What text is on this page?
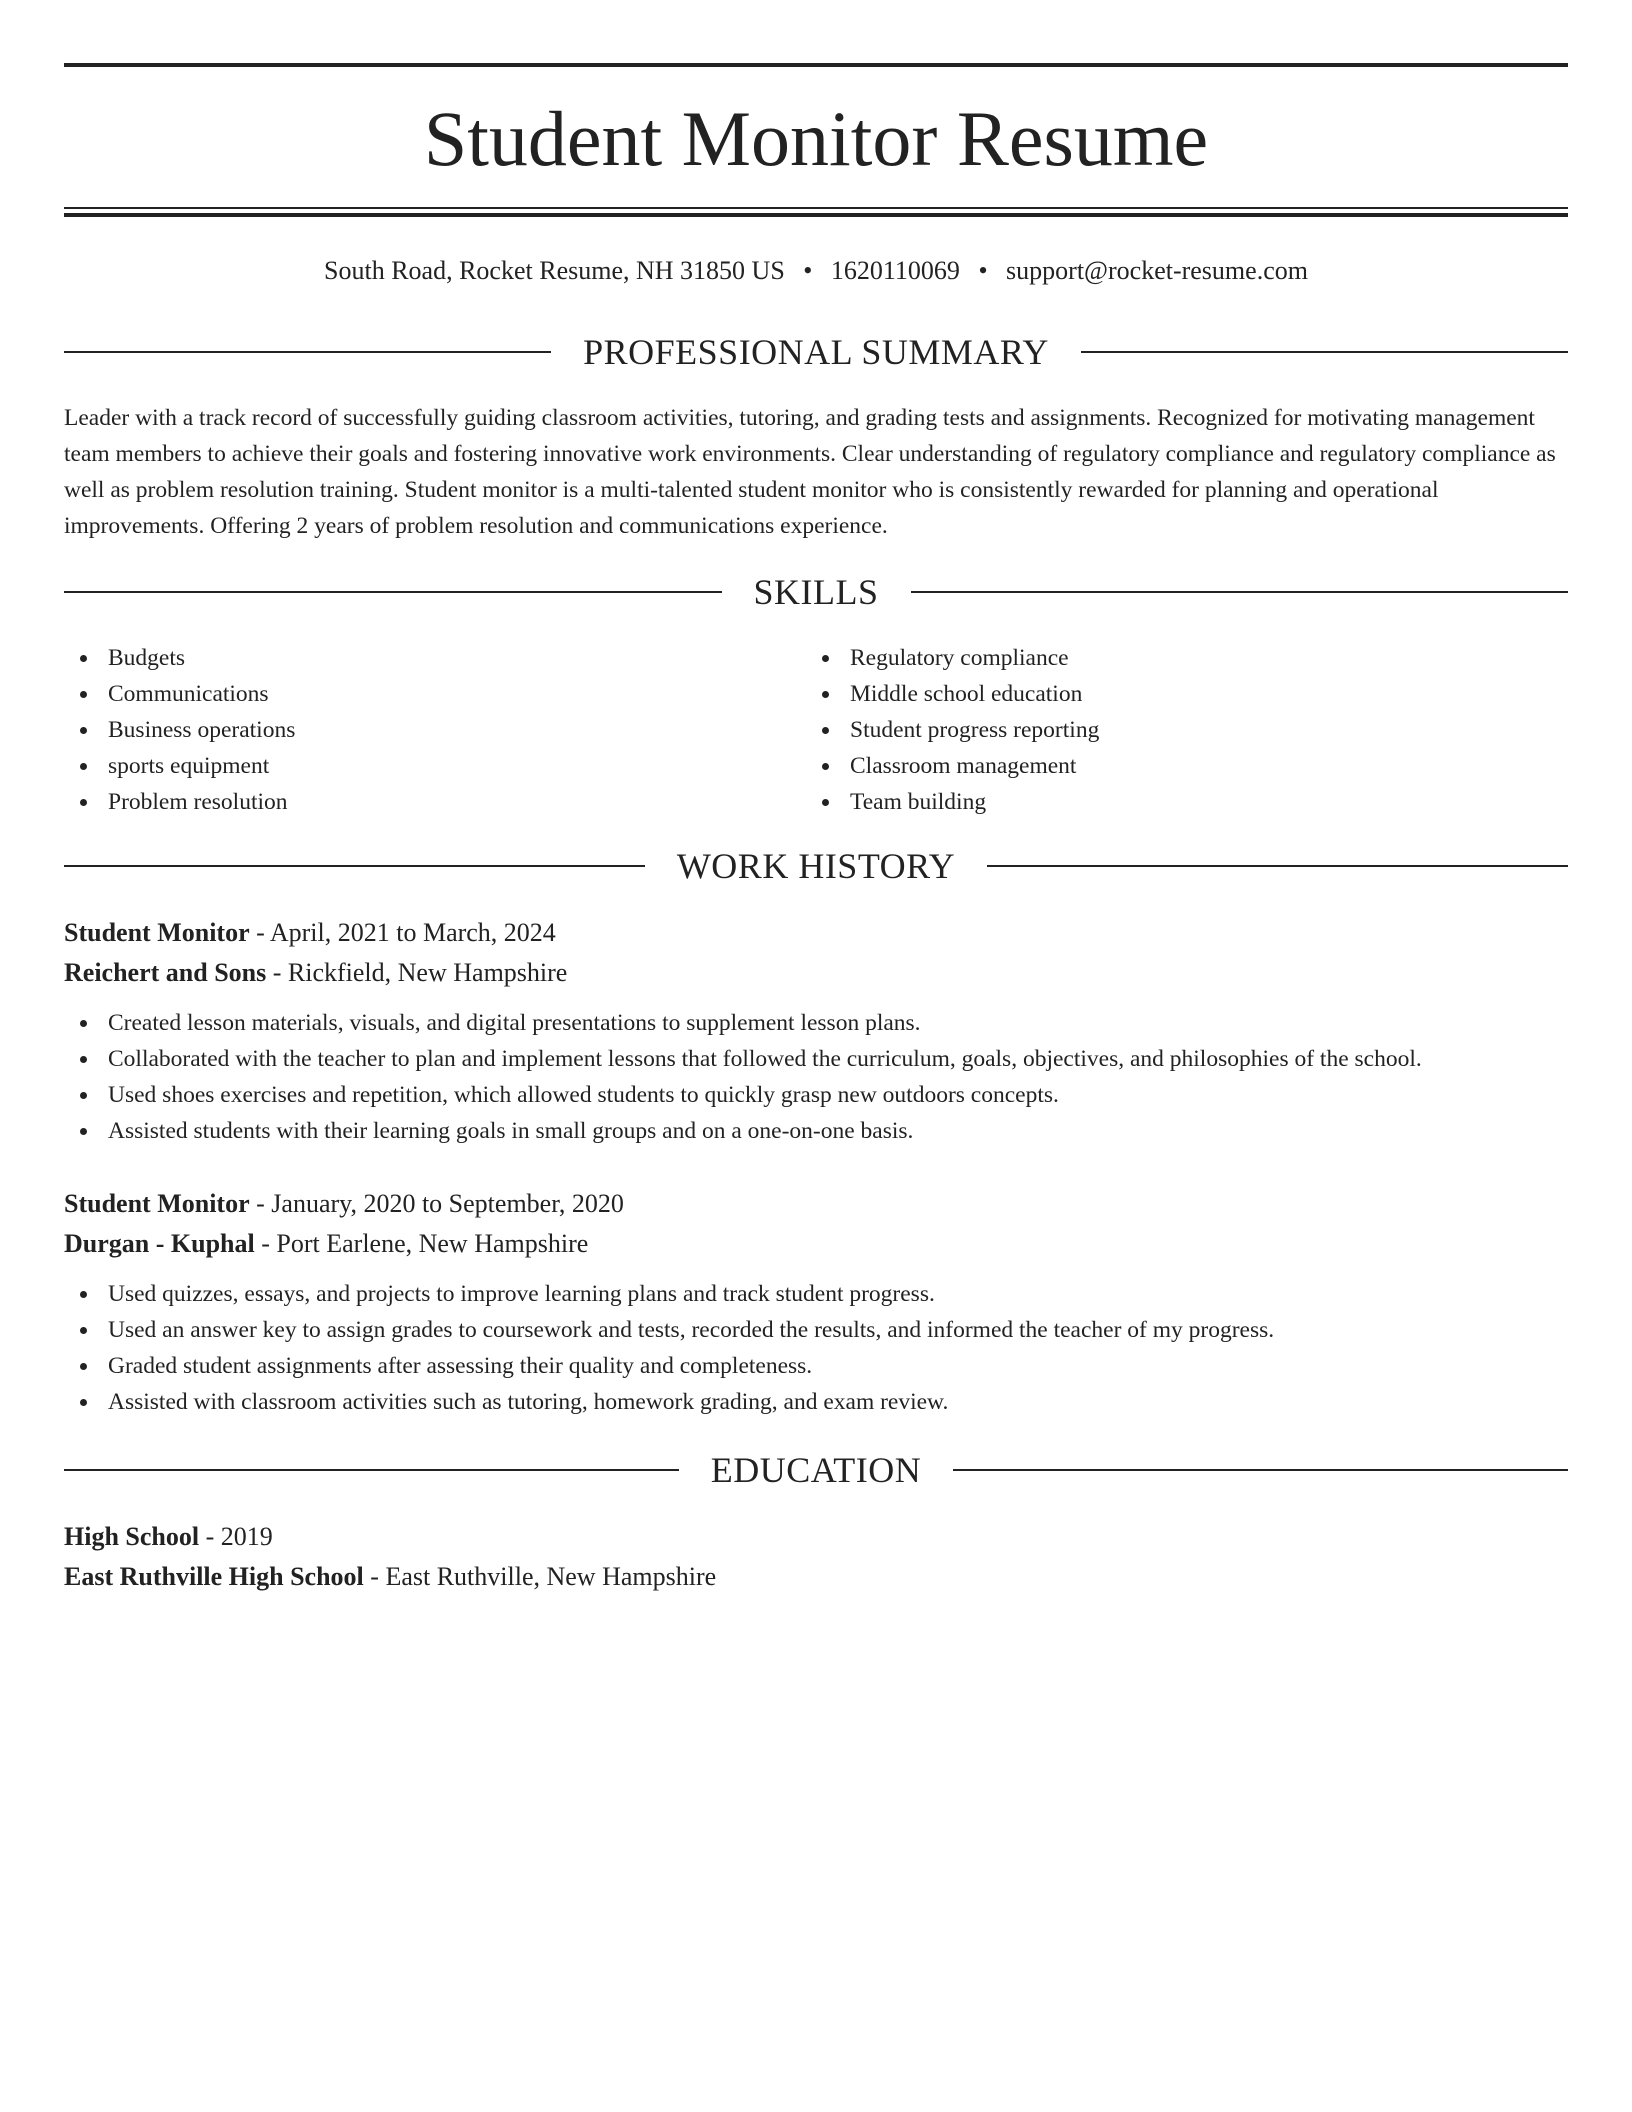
Student Monitor Resume
South Road, Rocket Resume, NH 31850 US • 1620110069 • support@rocket-resume.com
PROFESSIONAL SUMMARY

Leader with a track record of successfully guiding classroom activities, tutoring, and grading tests and assignments. Recognized for motivating management team members to achieve their goals and fostering innovative work environments. Clear understanding of regulatory compliance and regulatory compliance as well as problem resolution training. Student monitor is a multi-talented student monitor who is consistently rewarded for planning and operational improvements. Offering 2 years of problem resolution and communications experience.

SKILLS
Budgets
Communications
Business operations
sports equipment
Problem resolution
Regulatory compliance
Middle school education
Student progress reporting
Classroom management
Team building
WORK HISTORY
Student Monitor - April, 2021 to March, 2024
Reichert and Sons - Rickfield, New Hampshire
Created lesson materials, visuals, and digital presentations to supplement lesson plans.
Collaborated with the teacher to plan and implement lessons that followed the curriculum, goals, objectives, and philosophies of the school.
Used shoes exercises and repetition, which allowed students to quickly grasp new outdoors concepts.
Assisted students with their learning goals in small groups and on a one-on-one basis.
Student Monitor - January, 2020 to September, 2020
Durgan - Kuphal - Port Earlene, New Hampshire
Used quizzes, essays, and projects to improve learning plans and track student progress.
Used an answer key to assign grades to coursework and tests, recorded the results, and informed the teacher of my progress.
Graded student assignments after assessing their quality and completeness.
Assisted with classroom activities such as tutoring, homework grading, and exam review.
EDUCATION
High School - 2019
East Ruthville High School - East Ruthville, New Hampshire
